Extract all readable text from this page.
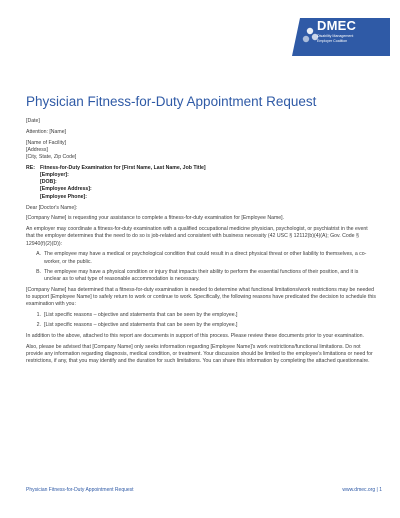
DMEC
Disability Management
Employer Coalition
Physician Fitness-for-Duty Appointment Request
[Date]
Attention: [Name]
[Name of Facility]
[Address]
[City, State, Zip Code]
RE: Fitness-for-Duty Examination for [First Name, Last Name, Job Title]
[Employer]:
[DOB]:
[Employee Address]:
[Employee Phone]:
Dear [Doctor's Name]:
[Company Name] is requesting your assistance to complete a fitness-for-duty examination for [Employee Name].
An employer may coordinate a fitness-for-duty examination with a qualified occupational medicine physician, psychologist, or psychiatrist in the event that the employer determines that the need to do so is job-related and consistent with business necessity (42 USC § 12112(b)(4)(A); Gov. Code § 12940(f)(2)(D)):
A. The employee may have a medical or psychological condition that could result in a direct physical threat or other liability to themselves, a co-worker, or the public.
B. The employee may have a physical condition or injury that impacts their ability to perform the essential functions of their position, and it is unclear as to what type of reasonable accommodation is necessary.
[Company Name] has determined that a fitness-for-duty examination is needed to determine what functional limitations/work restrictions may be needed to support [Employee Name] to safely return to work or continue to work. Specifically, the following reasons have predicated the decision to schedule this examination with you:
1. [List specific reasons – objective and statements that can be seen by the employee.]
2. [List specific reasons – objective and statements that can be seen by the employee.]
In addition to the above, attached to this report are documents in support of this process. Please review these documents prior to your examination.
Also, please be advised that [Company Name] only seeks information regarding [Employee Name]'s work restrictions/functional limitations. Do not provide any information regarding diagnosis, medical condition, or treatment. Your discussion should be limited to the employee's limitations or need for restrictions, if any, that you may identify and the duration for such limitations. You can share this information by completing the attached questionnaire.
Physician Fitness-for-Duty Appointment Request	www.dmec.org | 1
